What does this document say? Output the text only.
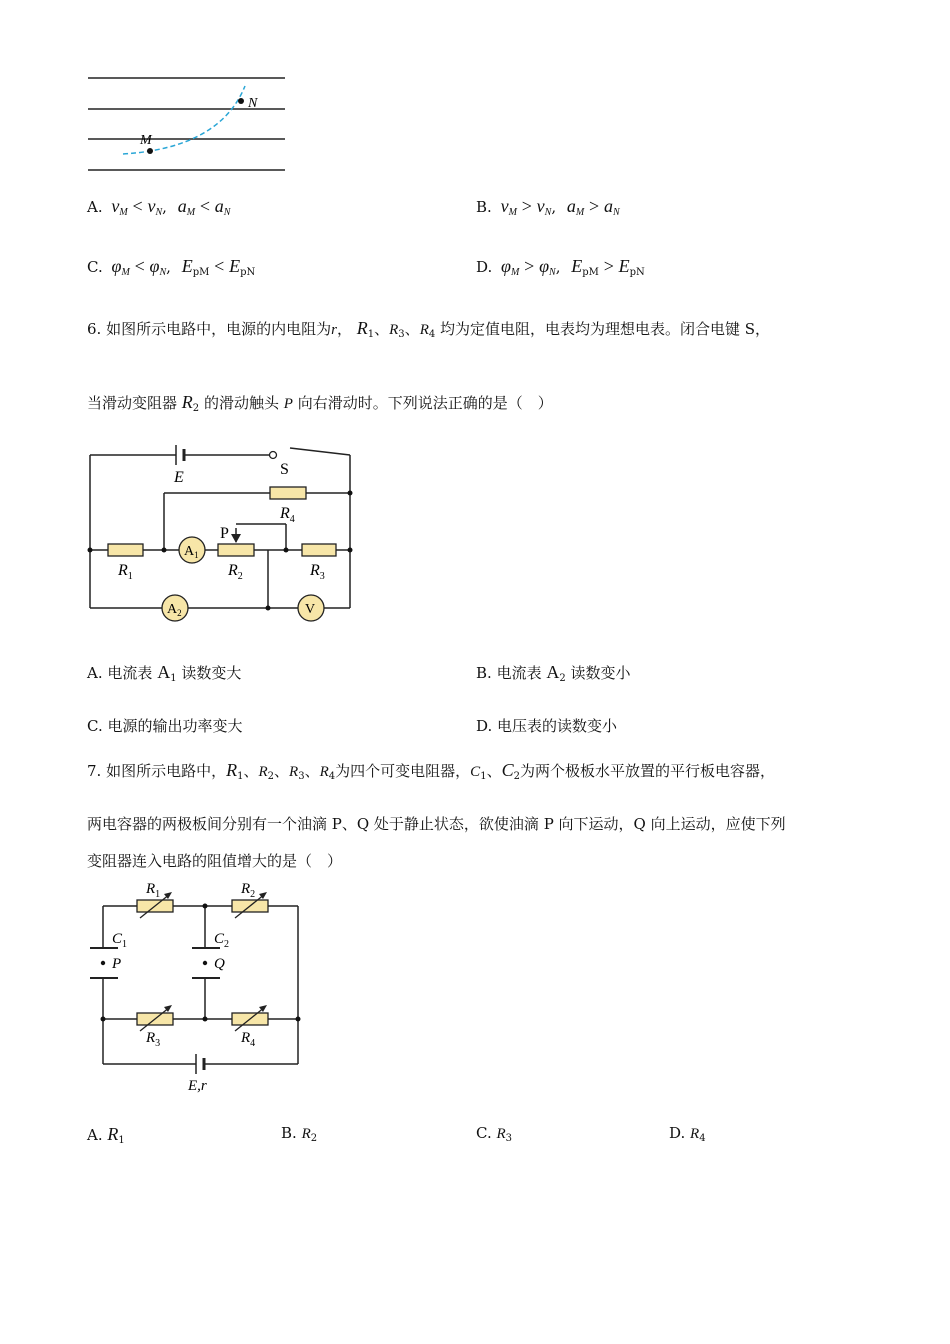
M
N
A. $v_M < v_N$, $a_M < a_N$	B. $v_M > v_N$, $a_M > a_N$
C. $\varphi_M < \varphi_N$, $E_{pM} < E_{pN}$	D. $\varphi_M > \varphi_N$, $E_{pM} > E_{pN}$
6. 如图所示电路中，电源的内电阻为r， $R_1$、$R_3$、$R_4$ 均为定值电阻，电表均为理想电表。闭合电键 S，
当滑动变阻器 $R_2$ 的滑动触头 P 向右滑动时。下列说法正确的是（　）
E	S
$R_4$
P
$R_1$	$R_2$	$R_3$
$A_1$
$A_2$	V
A. 电流表 $A_1$ 读数变大	B. 电流表 $A_2$ 读数变小
C. 电源的输出功率变大	D. 电压表的读数变小
7. 如图所示电路中，$R_1$、$R_2$、$R_3$、$R_4$为四个可变电阻器，$C_1$、$C_2$为两个极板水平放置的平行板电容器，
两电容器的两极板间分别有一个油滴 P、Q 处于静止状态，欲使油滴 P 向下运动，Q 向上运动，应使下列
变阻器连入电路的阻值增大的是（　）
$R_1$	$R_2$
$C_1$	$C_2$
P	Q
$R_3$	$R_4$
E,r
A. $R_1$	B. $R_2$	C. $R_3$	D. $R_4$
